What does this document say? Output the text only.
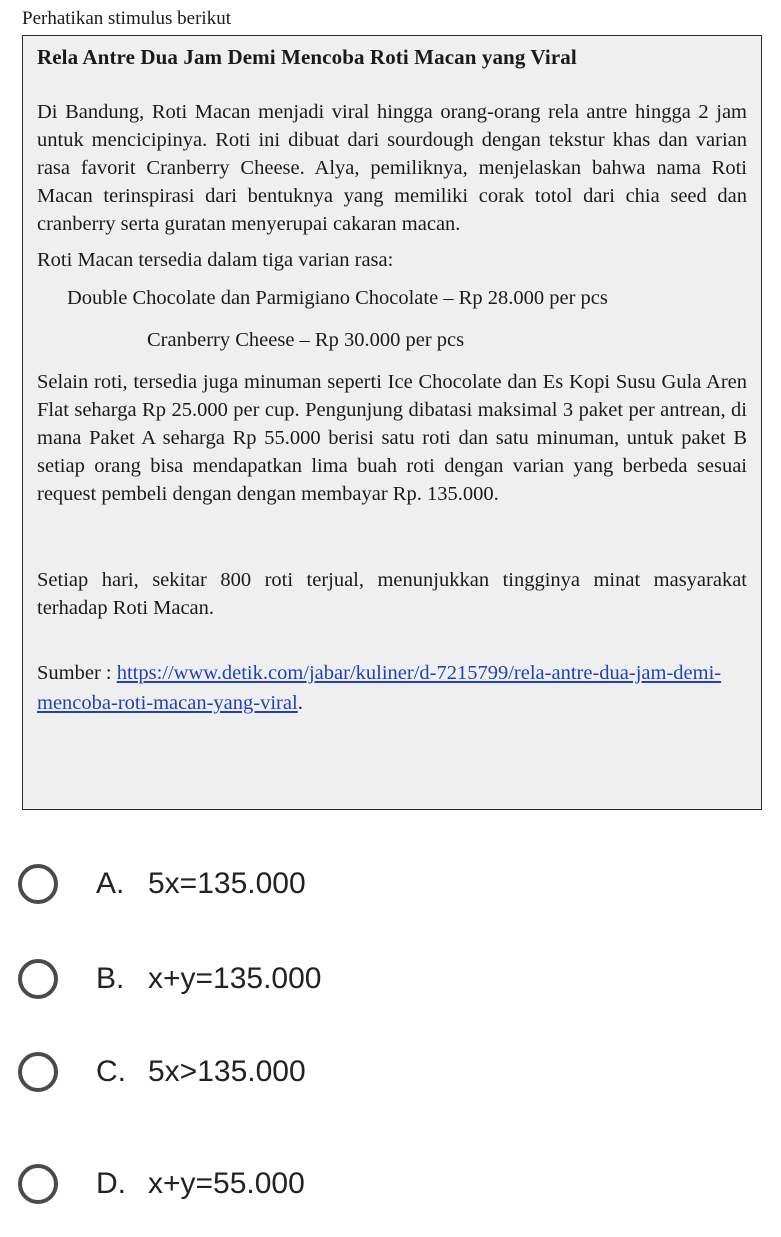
Perhatikan stimulus berikut
Rela Antre Dua Jam Demi Mencoba Roti Macan yang Viral

Di Bandung, Roti Macan menjadi viral hingga orang-orang rela antre hingga 2 jam untuk mencicipinya. Roti ini dibuat dari sourdough dengan tekstur khas dan varian rasa favorit Cranberry Cheese. Alya, pemiliknya, menjelaskan bahwa nama Roti Macan terinspirasi dari bentuknya yang memiliki corak totol dari chia seed dan cranberry serta guratan menyerupai cakaran macan.

Roti Macan tersedia dalam tiga varian rasa:

Double Chocolate dan Parmigiano Chocolate – Rp 28.000 per pcs

Cranberry Cheese – Rp 30.000 per pcs

Selain roti, tersedia juga minuman seperti Ice Chocolate dan Es Kopi Susu Gula Aren Flat seharga Rp 25.000 per cup. Pengunjung dibatasi maksimal 3 paket per antrean, di mana Paket A seharga Rp 55.000 berisi satu roti dan satu minuman, untuk paket B setiap orang bisa mendapatkan lima buah roti dengan varian yang berbeda sesuai request pembeli dengan dengan membayar Rp. 135.000.

Setiap hari, sekitar 800 roti terjual, menunjukkan tingginya minat masyarakat terhadap Roti Macan.

Sumber : https://www.detik.com/jabar/kuliner/d-7215799/rela-antre-dua-jam-demi-mencoba-roti-macan-yang-viral.

A. 5x=135.000
B. x+y=135.000
C. 5x>135.000
D. x+y=55.000
